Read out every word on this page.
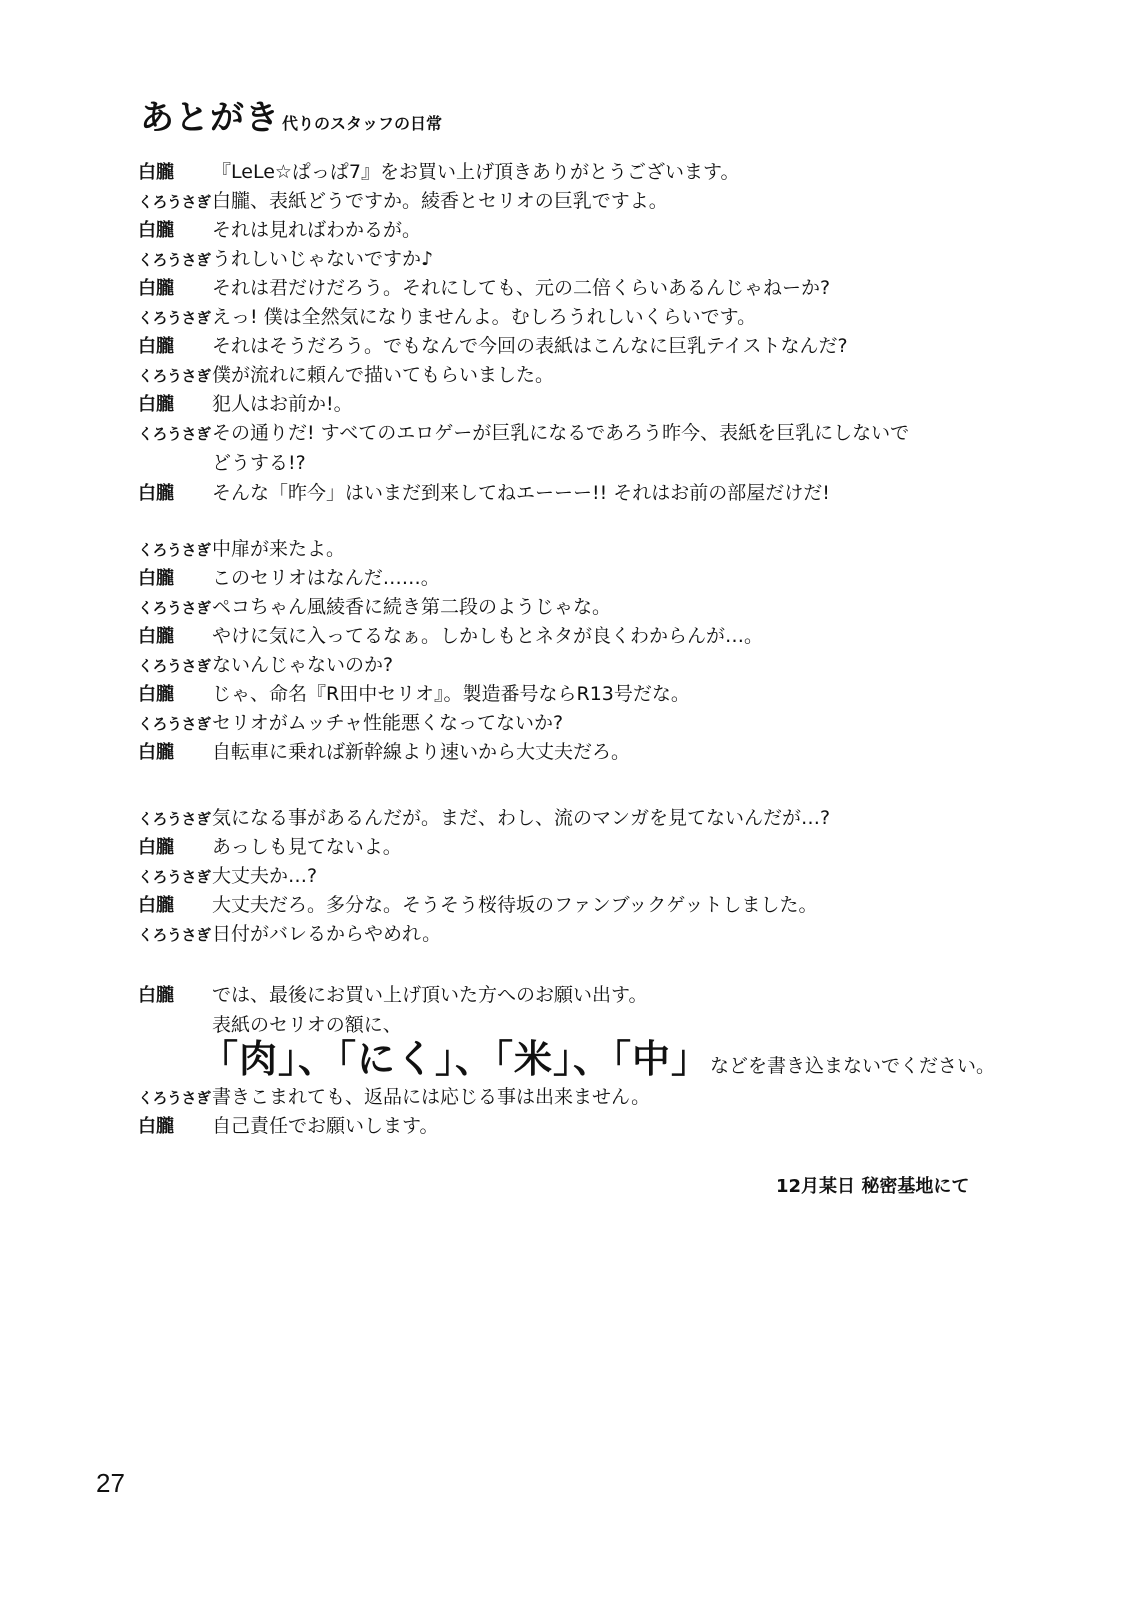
あとがき 代りのスタッフの日常
白朧 『LeLe☆ぱっぱ7』をお買い上げ頂きありがとうございます。
くろうさぎ白朧、表紙どうですか。綾香とセリオの巨乳ですよ。
白朧 それは見ればわかるが。
くろうさぎうれしいじゃないですか♪
白朧 それは君だけだろう。それにしても、元の二倍くらいあるんじゃねーか?
くろうさぎえっ! 僕は全然気になりませんよ。むしろうれしいくらいです。
白朧 それはそうだろう。でもなんで今回の表紙はこんなに巨乳テイストなんだ?
くろうさぎ僕が流れに頼んで描いてもらいました。
白朧 犯人はお前か!。
くろうさぎその通りだ! すべてのエロゲーが巨乳になるであろう昨今、表紙を巨乳にしないで
どうする!?
白朧 そんな「昨今」はいまだ到来してねエーーー!! それはお前の部屋だけだ!
くろうさぎ中扉が来たよ。
白朧 このセリオはなんだ……。
くろうさぎペコちゃん風綾香に続き第二段のようじゃな。
白朧 やけに気に入ってるなぁ。しかしもとネタが良くわからんが…。
くろうさぎないんじゃないのか?
白朧 じゃ、命名『R田中セリオ』。製造番号ならR13号だな。
くろうさぎセリオがムッチャ性能悪くなってないか?
白朧 自転車に乗れば新幹線より速いから大丈夫だろ。
くろうさぎ気になる事があるんだが。まだ、わし、流のマンガを見てないんだが…?
白朧 あっしも見てないよ。
くろうさぎ大丈夫か…?
白朧 大丈夫だろ。多分な。そうそう桜待坂のファンブックゲットしました。
くろうさぎ日付がバレるからやめれ。
白朧 では、最後にお買い上げ頂いた方へのお願い出す。
表紙のセリオの額に、
「肉」、「にく」、「米」、「中」などを書き込まないでください。
くろうさぎ書きこまれても、返品には応じる事は出来ません。
白朧 自己責任でお願いします。
12月某日 秘密基地にて
27
